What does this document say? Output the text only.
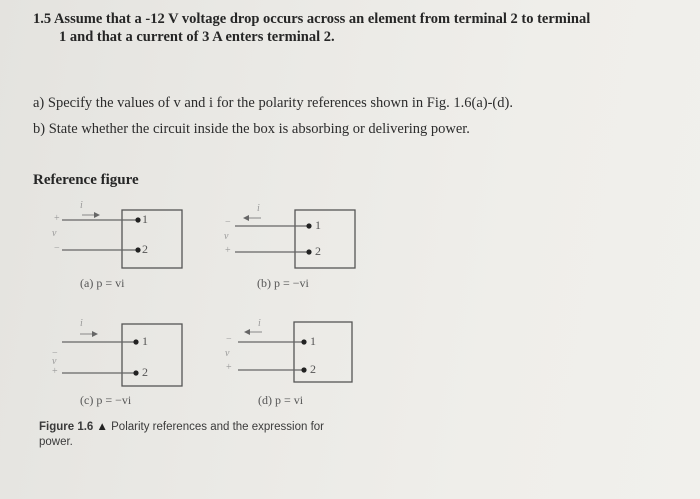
1.5 Assume that a -12 V voltage drop occurs across an element from terminal 2 to terminal
1 and that a current of 3 A enters terminal 2.
a) Specify the values of v and i for the polarity references shown in Fig. 1.6(a)-(d).
b) State whether the circuit inside the box is absorbing or delivering power.
Reference figure
1
2
+
−
v
i
(a) p = vi
1
2
−
+
v
i
(b) p = −vi
1
2
−
+
v
i
(c) p = −vi
1
2
−
+
v
i
(d) p = vi
Figure 1.6 ▲ Polarity references and the expression for power.
